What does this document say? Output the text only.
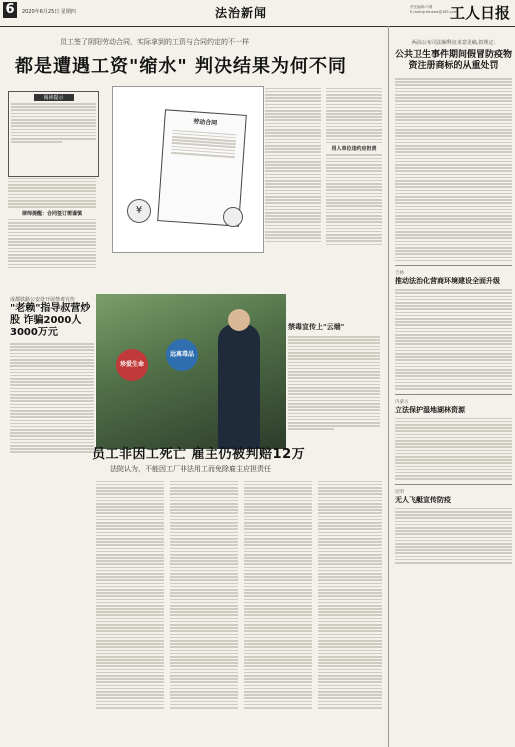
6	2020年6月25日 星期四	法治新闻	责任编辑:卢纲
E-mail:grrbnews@163.com
工人日报
员工签了阴阳劳动合同，实际拿到的工资与合同约定的不一样
都是遭遇工资"缩水" 判决结果为何不同
阅读提示
律师提醒：合同签订需谨慎
劳动合同
¥
用人单位违约应担责
成都铁路公安处开展禁毒宣传
"老赖"指导叔营炒股 诈骗2000人3000万元
珍爱生命
远离毒品
禁毒宣传上"云端"
员工非因工死亡 雇主仍被判赔12万
法院认为，不能因工厂非法用工而免除雇主应担责任
两高公布司法解释征求意见稿,拟规定:
公共卫生事件期间假冒防疫物资注册商标的从重处罚
吉林
推动法治化营商环境建设全面升级
内蒙古
立法保护湿地湖林资源
昆明
无人飞艇宣传防疫
